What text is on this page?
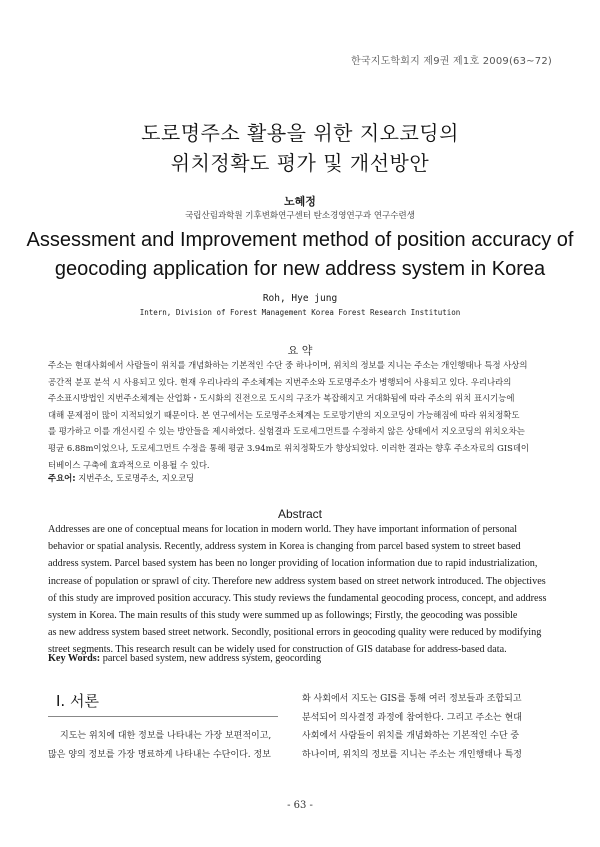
한국지도학회지 제9권 제1호 2009(63~72)
도로명주소 활용을 위한 지오코딩의
위치정확도 평가 및 개선방안
노혜정
국립산림과학원 기후변화연구센터 탄소경영연구과 연구수련생
Assessment and Improvement method of position accuracy of
geocoding application for new address system in Korea
Roh, Hye jung
Intern, Division of Forest Management Korea Forest Research Institution
요 약

주소는 현대사회에서 사람들이 위치를 개념화하는 기본적인 수단 중 하나이며, 위치의 정보를 지니는 주소는 개인행태나 특정 사상의

공간적 분포 분석 시 사용되고 있다. 현재 우리나라의 주소체계는 지번주소와 도로명주소가 병행되어 사용되고 있다. 우리나라의

주소표시방법인 지번주소체계는 산업화・도시화의 진전으로 도시의 구조가 복잡해지고 거대화됨에 따라 주소의 위치 표시기능에

대해 문제점이 많이 지적되었기 때문이다. 본 연구에서는 도로명주소체계는 도로망기반의 지오코딩이 가능해짐에 따라 위치정확도

를 평가하고 이를 개선시킬 수 있는 방안들을 제시하였다. 실험결과 도로세그먼트를 수정하지 않은 상태에서 지오코딩의 위치오차는

평균 6.88m이었으나, 도로세그먼트 수정을 통해 평균 3.94m로 위치정확도가 향상되었다. 이러한 결과는 향후 주소자료의 GIS데이

터베이스 구축에 효과적으로 이용될 수 있다.

주요어: 지번주소, 도로명주소, 지오코딩
Abstract

Addresses are one of conceptual means for location in modern world. They have important information of personal

behavior or spatial analysis. Recently, address system in Korea is changing from parcel based system to street based

address system. Parcel based system has been no longer providing of location information due to rapid industrialization,

increase of population or sprawl of city. Therefore new address system based on street network introduced. The objectives

of this study are improved position accuracy. This study reviews the fundamental geocoding process, concept, and address

system in Korea. The main results of this study were summed up as followings; Firstly, the geocoding was possible

as new address system based street network. Secondly, positional errors in geocoding quality were reduced by modifying

street segments. This research result can be widely used for construction of GIS database for address-based data.

Key Words: parcel based system, new address system, geocording
I. 서론

지도는 위치에 대한 정보를 나타내는 가장 보편적이고,

많은 양의 정보를 가장 명료하게 나타내는 수단이다. 정보

화 사회에서 지도는 GIS를 통해 여러 정보들과 조합되고

분석되어 의사결정 과정에 참여한다. 그리고 주소는 현대

사회에서 사람들이 위치를 개념화하는 기본적인 수단 중

하나이며, 위치의 정보를 지니는 주소는 개인행태나 특정

- 63 -
